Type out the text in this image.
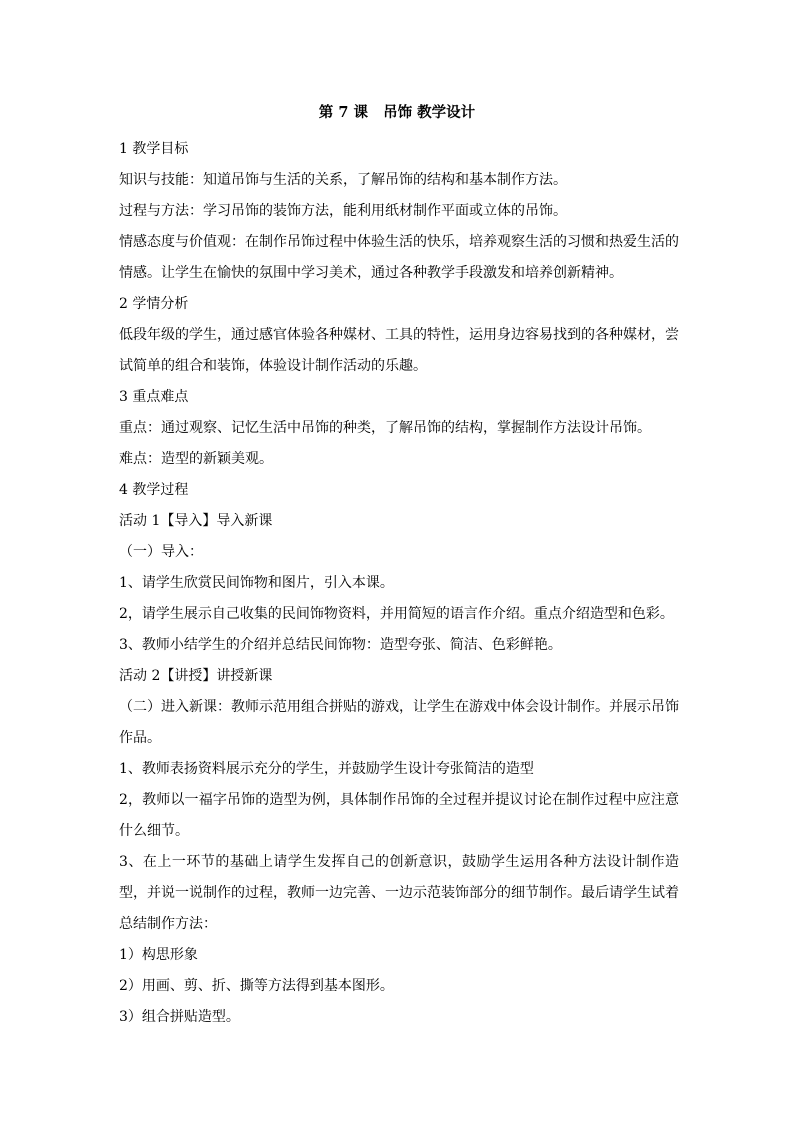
第 7 课   吊饰 教学设计

1 教学目标

知识与技能：知道吊饰与生活的关系，了解吊饰的结构和基本制作方法。

过程与方法：学习吊饰的装饰方法，能利用纸材制作平面或立体的吊饰。

情感态度与价值观：在制作吊饰过程中体验生活的快乐，培养观察生活的习惯和热爱生活的情感。让学生在愉快的氛围中学习美术，通过各种教学手段激发和培养创新精神。

2 学情分析

低段年级的学生，通过感官体验各种媒材、工具的特性，运用身边容易找到的各种媒材，尝试简单的组合和装饰，体验设计制作活动的乐趣。

3 重点难点

重点：通过观察、记忆生活中吊饰的种类，了解吊饰的结构，掌握制作方法设计吊饰。

难点：造型的新颖美观。

4 教学过程

活动 1【导入】导入新课

（一）导入：

1、请学生欣赏民间饰物和图片，引入本课。

2，请学生展示自己收集的民间饰物资料，并用简短的语言作介绍。重点介绍造型和色彩。

3、教师小结学生的介绍并总结民间饰物：造型夸张、简洁、色彩鲜艳。

活动 2【讲授】讲授新课

（二）进入新课：教师示范用组合拼贴的游戏，让学生在游戏中体会设计制作。并展示吊饰作品。

1、教师表扬资料展示充分的学生，并鼓励学生设计夸张简洁的造型

2，教师以一福字吊饰的造型为例，具体制作吊饰的全过程并提议讨论在制作过程中应注意什么细节。

3、在上一环节的基础上请学生发挥自己的创新意识，鼓励学生运用各种方法设计制作造型，并说一说制作的过程，教师一边完善、一边示范装饰部分的细节制作。最后请学生试着总结制作方法：

1）构思形象

2）用画、剪、折、撕等方法得到基本图形。

3）组合拼贴造型。
